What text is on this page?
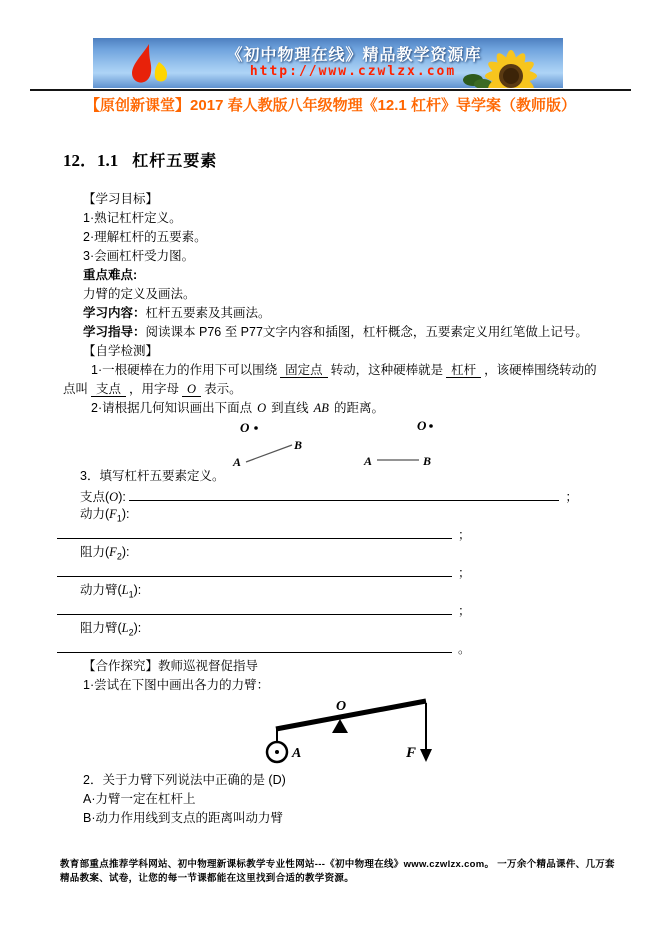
《初中物理在线》精品教学资源库
http://www.czwlzx.com
【原创新课堂】2017 春人教版八年级物理《12.1 杠杆》导学案（教师版）
12．1.1 杠杆五要素
【学习目标】
1·熟记杠杆定义。
2·理解杠杆的五要素。
3·会画杠杆受力图。
重点难点:
力臂的定义及画法。
学习内容：杠杆五要素及其画法。
学习指导：阅读课本 P76 至 P77文字内容和插图，杠杆概念，五要素定义用红笔做上记号。
【自学检测】
1·一根硬棒在力的作用下可以围绕 固定点 转动，这种硬棒就是 杠杆 ，该硬棒围绕转动的
点叫 支点 ，用字母 O 表示。
2·请根据几何知识画出下面点 O 到直线 AB 的距离。
O
A
B
O
A	B
3．填写杠杆五要素定义。
支点(O):	；
动力$(F_1)$:
；
阻力$(F_2)$:
；
动力臂$(L_1)$:
；
阻力臂$(L_2)$:
。
【合作探究】教师巡视督促指导
1·尝试在下图中画出各力的力臂：
O
A	F
2．关于力臂下列说法中正确的是 (D)
A·力臂一定在杠杆上
B·动力作用线到支点的距离叫动力臂
教育部重点推荐学科网站、初中物理新课标教学专业性网站---《初中物理在线》www.czwlzx.com。 一万余个精品课件、几万套精品教案、试卷，让您的每一节课都能在这里找到合适的教学资源。
